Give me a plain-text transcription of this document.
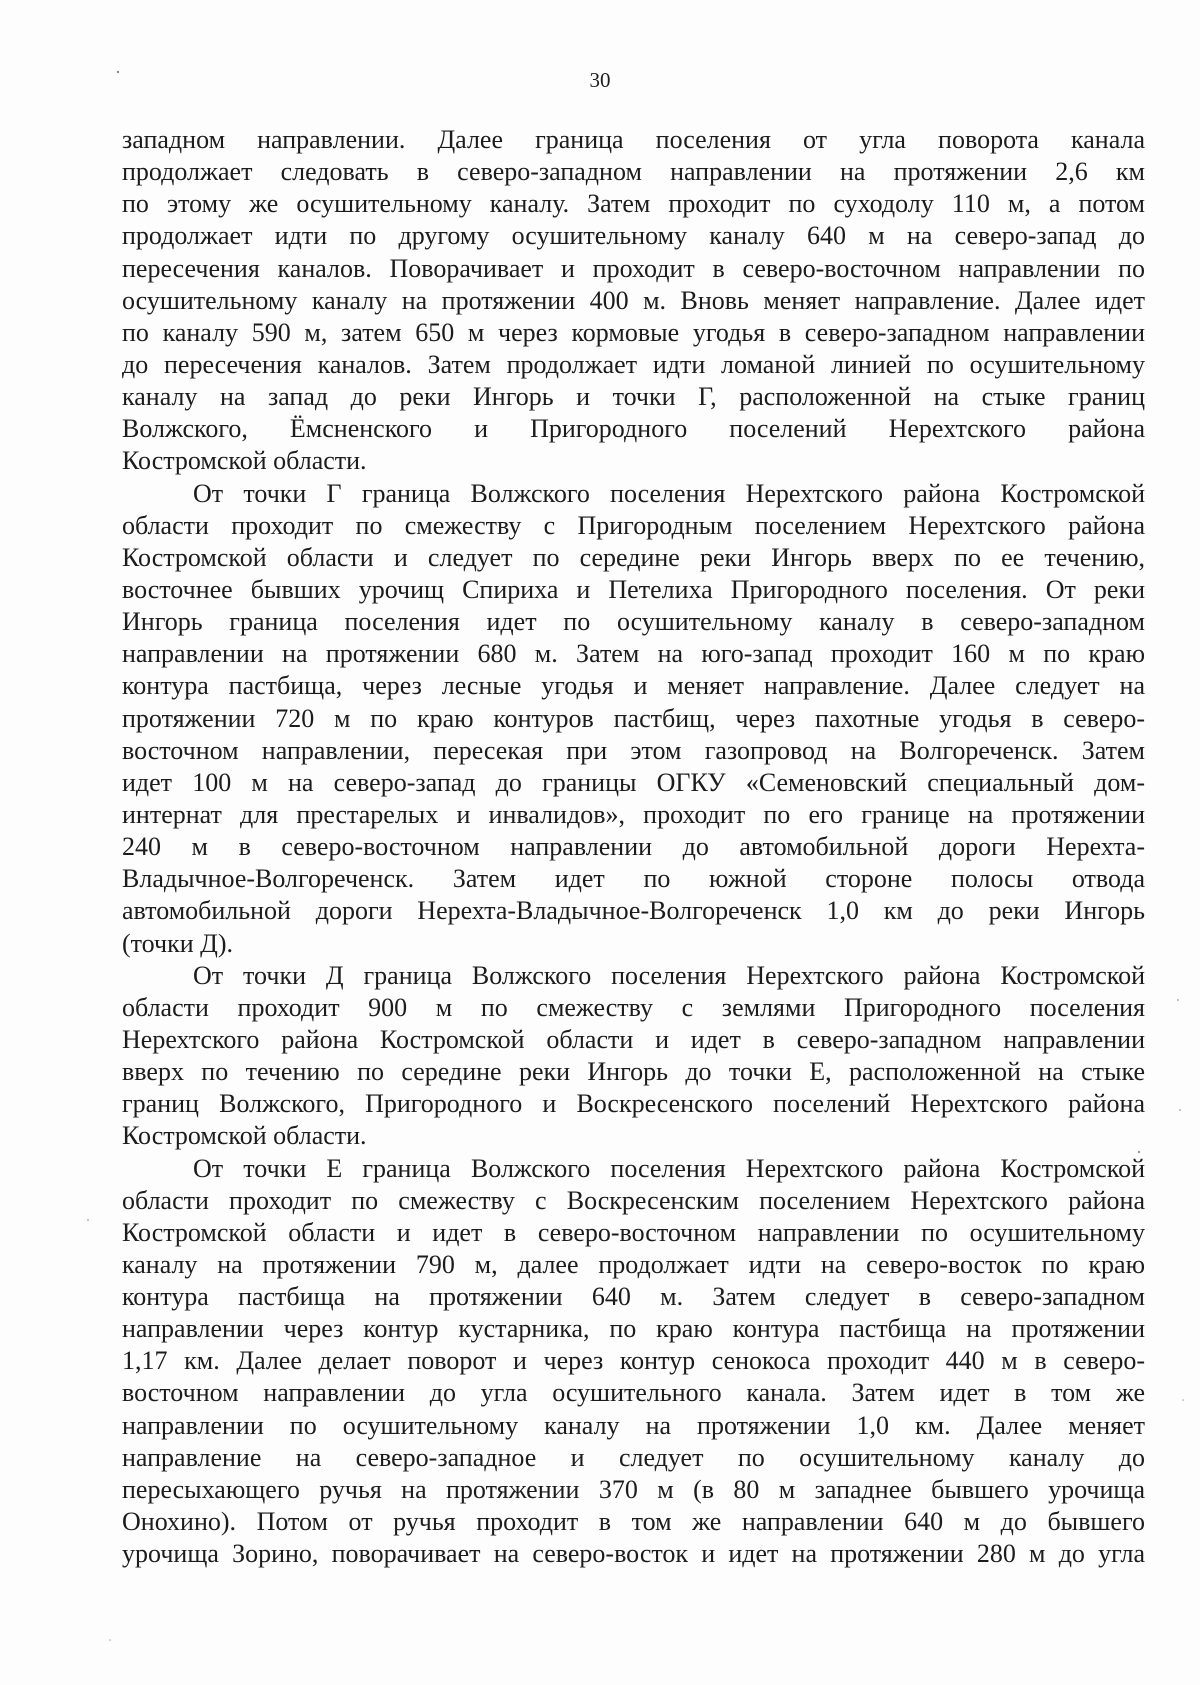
30
западном направлении. Далее граница поселения от угла поворота канала
продолжает следовать в северо-западном направлении на протяжении 2,6 км
по этому же осушительному каналу. Затем проходит по суходолу 110 м, а потом
продолжает идти по другому осушительному каналу 640 м на северо-запад до
пересечения каналов. Поворачивает и проходит в северо-восточном направлении по
осушительному каналу на протяжении 400 м. Вновь меняет направление. Далее идет
по каналу 590 м, затем 650 м через кормовые угодья в северо-западном направлении
до пересечения каналов. Затем продолжает идти ломаной линией по осушительному
каналу на запад до реки Ингорь и точки Г, расположенной на стыке границ
Волжского, Ёмсненского и Пригородного поселений Нерехтского района
Костромской области.
От точки Г граница Волжского поселения Нерехтского района Костромской
области проходит по смежеству с Пригородным поселением Нерехтского района
Костромской области и следует по середине реки Ингорь вверх по ее течению,
восточнее бывших урочищ Спириха и Петелиха Пригородного поселения. От реки
Ингорь граница поселения идет по осушительному каналу в северо-западном
направлении на протяжении 680 м. Затем на юго-запад проходит 160 м по краю
контура пастбища, через лесные угодья и меняет направление. Далее следует на
протяжении 720 м по краю контуров пастбищ, через пахотные угодья в северо-
восточном направлении, пересекая при этом газопровод на Волгореченск. Затем
идет 100 м на северо-запад до границы ОГКУ «Семеновский специальный дом-
интернат для престарелых и инвалидов», проходит по его границе на протяжении
240 м в северо-восточном направлении до автомобильной дороги Нерехта-
Владычное-Волгореченск. Затем идет по южной стороне полосы отвода
автомобильной дороги Нерехта-Владычное-Волгореченск 1,0 км до реки Ингорь
(точки Д).
От точки Д граница Волжского поселения Нерехтского района Костромской
области проходит 900 м по смежеству с землями Пригородного поселения
Нерехтского района Костромской области и идет в северо-западном направлении
вверх по течению по середине реки Ингорь до точки Е, расположенной на стыке
границ Волжского, Пригородного и Воскресенского поселений Нерехтского района
Костромской области.
От точки Е граница Волжского поселения Нерехтского района Костромской
области проходит по смежеству с Воскресенским поселением Нерехтского района
Костромской области и идет в северо-восточном направлении по осушительному
каналу на протяжении 790 м, далее продолжает идти на северо-восток по краю
контура пастбища на протяжении 640 м. Затем следует в северо-западном
направлении через контур кустарника, по краю контура пастбища на протяжении
1,17 км. Далее делает поворот и через контур сенокоса проходит 440 м в северо-
восточном направлении до угла осушительного канала. Затем идет в том же
направлении по осушительному каналу на протяжении 1,0 км. Далее меняет
направление на северо-западное и следует по осушительному каналу до
пересыхающего ручья на протяжении 370 м (в 80 м западнее бывшего урочища
Онохино). Потом от ручья проходит в том же направлении 640 м до бывшего
урочища Зорино, поворачивает на северо-восток и идет на протяжении 280 м до угла
